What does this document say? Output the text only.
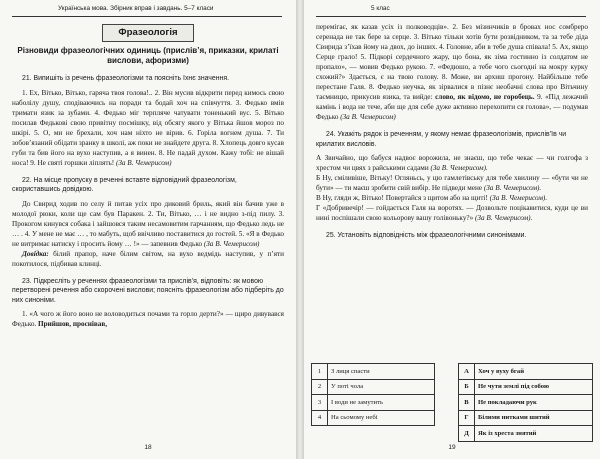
Українська мова. Збірник вправ і завдань. 5–7 класи
Фразеологія
Різновиди фразеологічних одиниць (прислів’я, приказки, крилаті вислови, афоризми)

21. Випишіть із речень фразеологізми та поясніть їхнє значення.

1. Ех, Вітько, Вітько, гаряча твоя голова!.. 2. Він мусив відкрити перед кимось свою наболілу душу, сподіваючись на поради та бодай хоч на співчуття. 3. Федько вмів тримати язик за зубами. 4. Федько міг терпляче чатувати тоненький вус. 5. Вітько посилав Федькові свою привітну посмішку, від обсягу якого у Вітька йшов мороз по шкірі. 5. О, ми не брехали, хоч нам ніхто не вірив. 6. Горіла вогнем душа. 7. Ти зобов’язаний обідати зранку в школі, аж поки не знайдете друга. 8. Хлопець довго кусав губи та бив його на вухо наступив, а я винен. 8. Не падай духом. Кажу тобі: не вішай носа! 9. Не святі горшки ліплять! (За В. Чемерисом)

22. На місце пропуску в реченні вставте відповідний фразеологізм, скориставшись довідкою.

До Свирид ходив по селу й питав усіх про диковий бриль, який він бачив уже в молодої рюки, коли ще сам був Паракен. 2. Ти, Вітько, … і не видно з-під пилу. 3. Прокогом кинувся собака і зайшовся таким несамовитим гарчанням, що Федько ледь не … . 4. У мене не має … , то мабуть, щоб ввічливо поставитися до гостей. 5. «Я в Федько не витримає натиску і просить йому … !» — запевнив Федько (За В. Чемерисом)

Довідка: білий прапор, наче білим світом, на вухо ведмідь наступив, у п’яти покотилося, підбивав клинці.

23. Підкресліть у реченнях фразеологізми та прислів’я, відповіть: як мовою перетворені речення або скорочені вислови; поясніть фразеологізм або підберіть до них синоніми.

1. «А чого ж його воно не воловодиться почами та горло дерти?» — щиро дивувався Федько. Прийшов, проснівав,

18
5 клас

перемігає, як казав усіх із полководців». 2. Без мізинчиків в бровах нос сомбреро серенада не так бере за серце. 3. Вітько тільки хотів бути розвідником, та за тебе діда Свирида з’їхав йому на двох, до інших. 4. Головне, аби в тебе душа спiвала! 5. Ах, якщо Серце грало! 5. Підкорі сердечного жару, що бона, як зіма гостинно із солдатом не пропало», — мовив Федько рукою. 7. «Федюшо, а тебе чого сьогодні на мокру курку схожий?» Здається, є на твою голову. 8. Може, ви архиш прогону. Найбільше тебе перестане Галя. 8. Федько неучка, як зірвалися в пізнє необачні слова про Вітьчину таємницю, прикусив язика, та вийде: слово, як відомо, не горобець. 9. «Під лежачий камінь і вода не тече, аби ще для себе дуже активно перехопити ся голова», — подумав Федько (За В. Чемерисом)

24. Укажіть рядок із реченням, у якому немає фразеологізмів, прислів’їв чи крилатих висловів.

А Звичайно, що бабуся надвоє ворожила, не знаєш, що тебе чекає — чи голгофа з хрестом чи цвях з райськими садами (За В. Чемерисом).

Б Ну, сміливіше, Вітьку! Огляньсь, у цю гамлетівську для тебе хвилину — «бути чи не бути» — ти маєш зробити свій вибір. Не підведи мене (За В. Чемерисом).

В Ну, гляди ж, Вітько! Повертайся з щитом або на щиті! (За В. Чемерисом).

Г «Добривечір! — гойдається Галя на воротях. — Дозвольте поцікавитися, куди це ви нині поспішали свою кольорову вашу голівоньку?» (За В. Чемерисом).

25. Установіть відповідність між фразеологічними синонімами.

1	З лиця спасти
2	У поті чола
3	І води не замутить
4	На сьомому небі
А	Хоч у вуху бгай
Б	Не чути землі під собою
В	Не покладаючи рук
Г	Білими нитками шитий
Д	Як із хреста знятий
19
